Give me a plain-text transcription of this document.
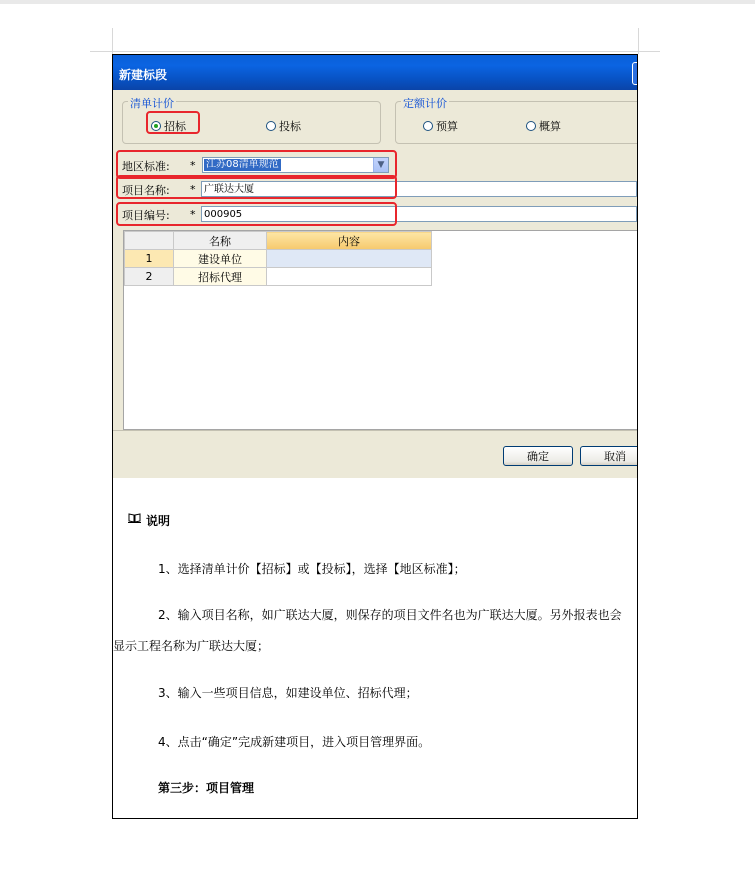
新建标段
清单计价
招标	投标
定额计价
预算	概算
地区标准: * 江苏08清单规范	▼
项目名称: * 广联达大厦
项目编号: * 000905
	名称	内容
1	建设单位	
2	招标代理	
确定	取消
说明
1、选择清单计价【招标】或【投标】，选择【地区标准】；
2、输入项目名称，如广联达大厦，则保存的项目文件名也为广联达大厦。另外报表也会
显示工程名称为广联达大厦；
3、输入一些项目信息，如建设单位、招标代理；
4、点击“确定”完成新建项目，进入项目管理界面。
第三步：项目管理
